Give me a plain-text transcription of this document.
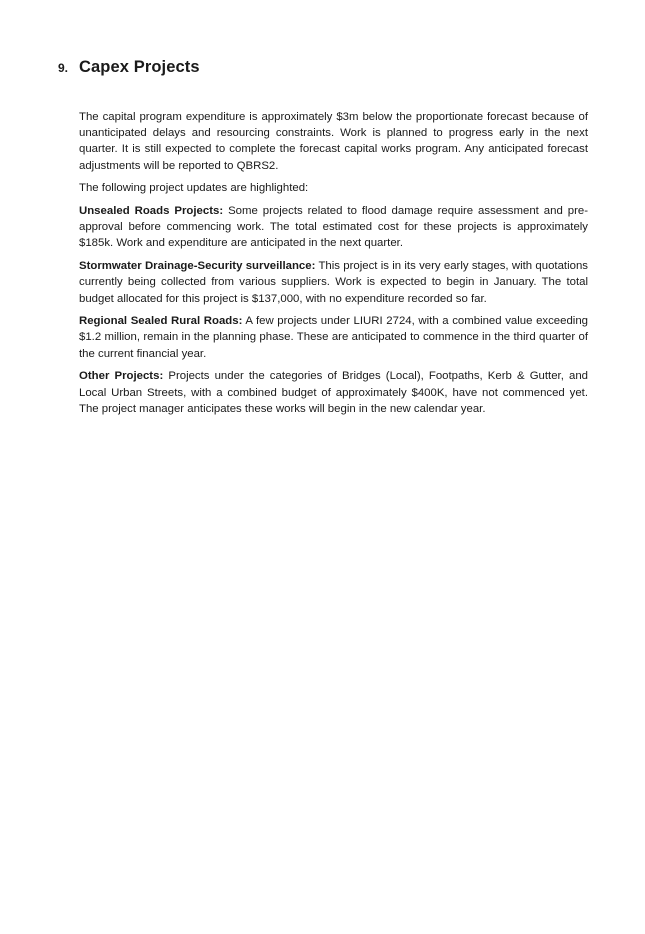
9. Capex Projects

The capital program expenditure is approximately $3m below the proportionate forecast because of unanticipated delays and resourcing constraints. Work is planned to progress early in the next quarter. It is still expected to complete the forecast capital works program. Any anticipated forecast adjustments will be reported to QBRS2.

The following project updates are highlighted:

Unsealed Roads Projects: Some projects related to flood damage require assessment and pre-approval before commencing work. The total estimated cost for these projects is approximately $185k. Work and expenditure are anticipated in the next quarter.

Stormwater Drainage-Security surveillance: This project is in its very early stages, with quotations currently being collected from various suppliers. Work is expected to begin in January. The total budget allocated for this project is $137,000, with no expenditure recorded so far.

Regional Sealed Rural Roads: A few projects under LIURI 2724, with a combined value exceeding $1.2 million, remain in the planning phase. These are anticipated to commence in the third quarter of the current financial year.

Other Projects: Projects under the categories of Bridges (Local), Footpaths, Kerb & Gutter, and Local Urban Streets, with a combined budget of approximately $400K, have not commenced yet. The project manager anticipates these works will begin in the new calendar year.
